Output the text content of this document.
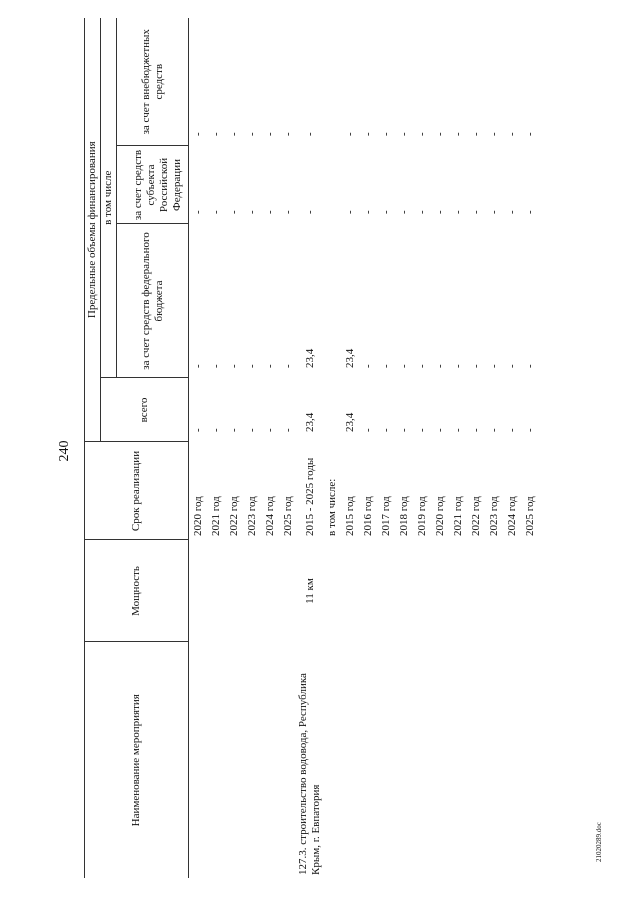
240
Наименование мероприятия	Мощность	Срок реализации	Предельные объемы финансирования			
			всего	в том числе		
				за счет средств федерального бюджета		за счет внебюджетных средств
					за счет средств субъекта Российской Федерации	
		2020 год	-	-	-	-
		2021 год	-	-	-	-
		2022 год	-	-	-	-
		2023 год	-	-	-	-
		2024 год	-	-	-	-
		2025 год	-	-	-	-
127.3. строительство водовода, Республика Крым, г. Евпатория	11 км	2015 - 2025 годы	23,4	23,4	-	-
		в том числе:				
		2015 год	23,4	23,4	-	-
		2016 год	-	-	-	-
		2017 год	-	-	-	-
		2018 год	-	-	-	-
		2019 год	-	-	-	-
		2020 год	-	-	-	-
		2021 год	-	-	-	-
		2022 год	-	-	-	-
		2023 год	-	-	-	-
		2024 год	-	-	-	-
		2025 год	-	-	-	-
21020289.doc
